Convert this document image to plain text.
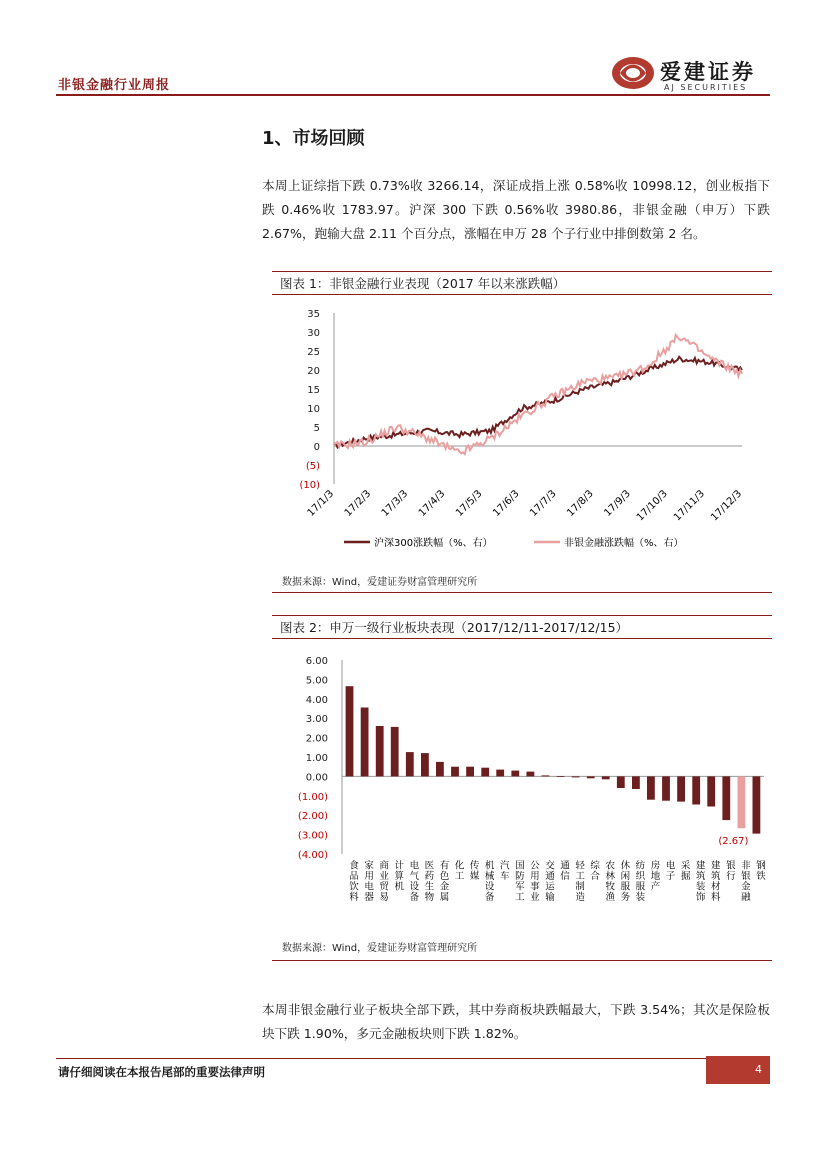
非银金融行业周报
爱建证券
AJ SECURITIES
1、市场回顾
本周上证综指下跌 0.73%收 3266.14，深证成指上涨 0.58%收 10998.12，创业板指下跌 0.46%收 1783.97。沪深 300 下跌 0.56%收 3980.86，非银金融（申万）下跌 2.67%，跑输大盘 2.11 个百分点，涨幅在申万 28 个子行业中排倒数第 2 名。
图表 1：非银金融行业表现（2017 年以来涨跌幅）
35
30
25
20
15
10
5
0
(5)
(10)
17/1/3 17/2/3 17/3/3 17/4/3 17/5/3 17/6/3 17/7/3 17/8/3 17/9/3 17/10/3 17/11/3 17/12/3
沪深300涨跌幅（%、右）	非银金融涨跌幅（%、右）
数据来源：Wind，爱建证券财富管理研究所
图表 2：申万一级行业板块表现（2017/12/11-2017/12/15）
6.00
5.00
4.00
3.00
2.00
1.00
0.00
(1.00)
(2.00)
(3.00)
(4.00)
食品饮料 家用电器 商业贸易 计算机 电气设备 医药生物 有色金属 化工 传媒 机械设备 汽车 国防军工 公用事业 交通运输 通信 轻工制造 综合 农林牧渔 休闲服务 纺织服装 房地产 电子 采掘 建筑装饰 建筑材料 银行 非银金融
(2.67)
钢铁
数据来源：Wind，爱建证券财富管理研究所
本周非银金融行业子板块全部下跌，其中券商板块跌幅最大，下跌 3.54%；其次是保险板块下跌 1.90%，多元金融板块则下跌 1.82%。
请仔细阅读在本报告尾部的重要法律声明	4
